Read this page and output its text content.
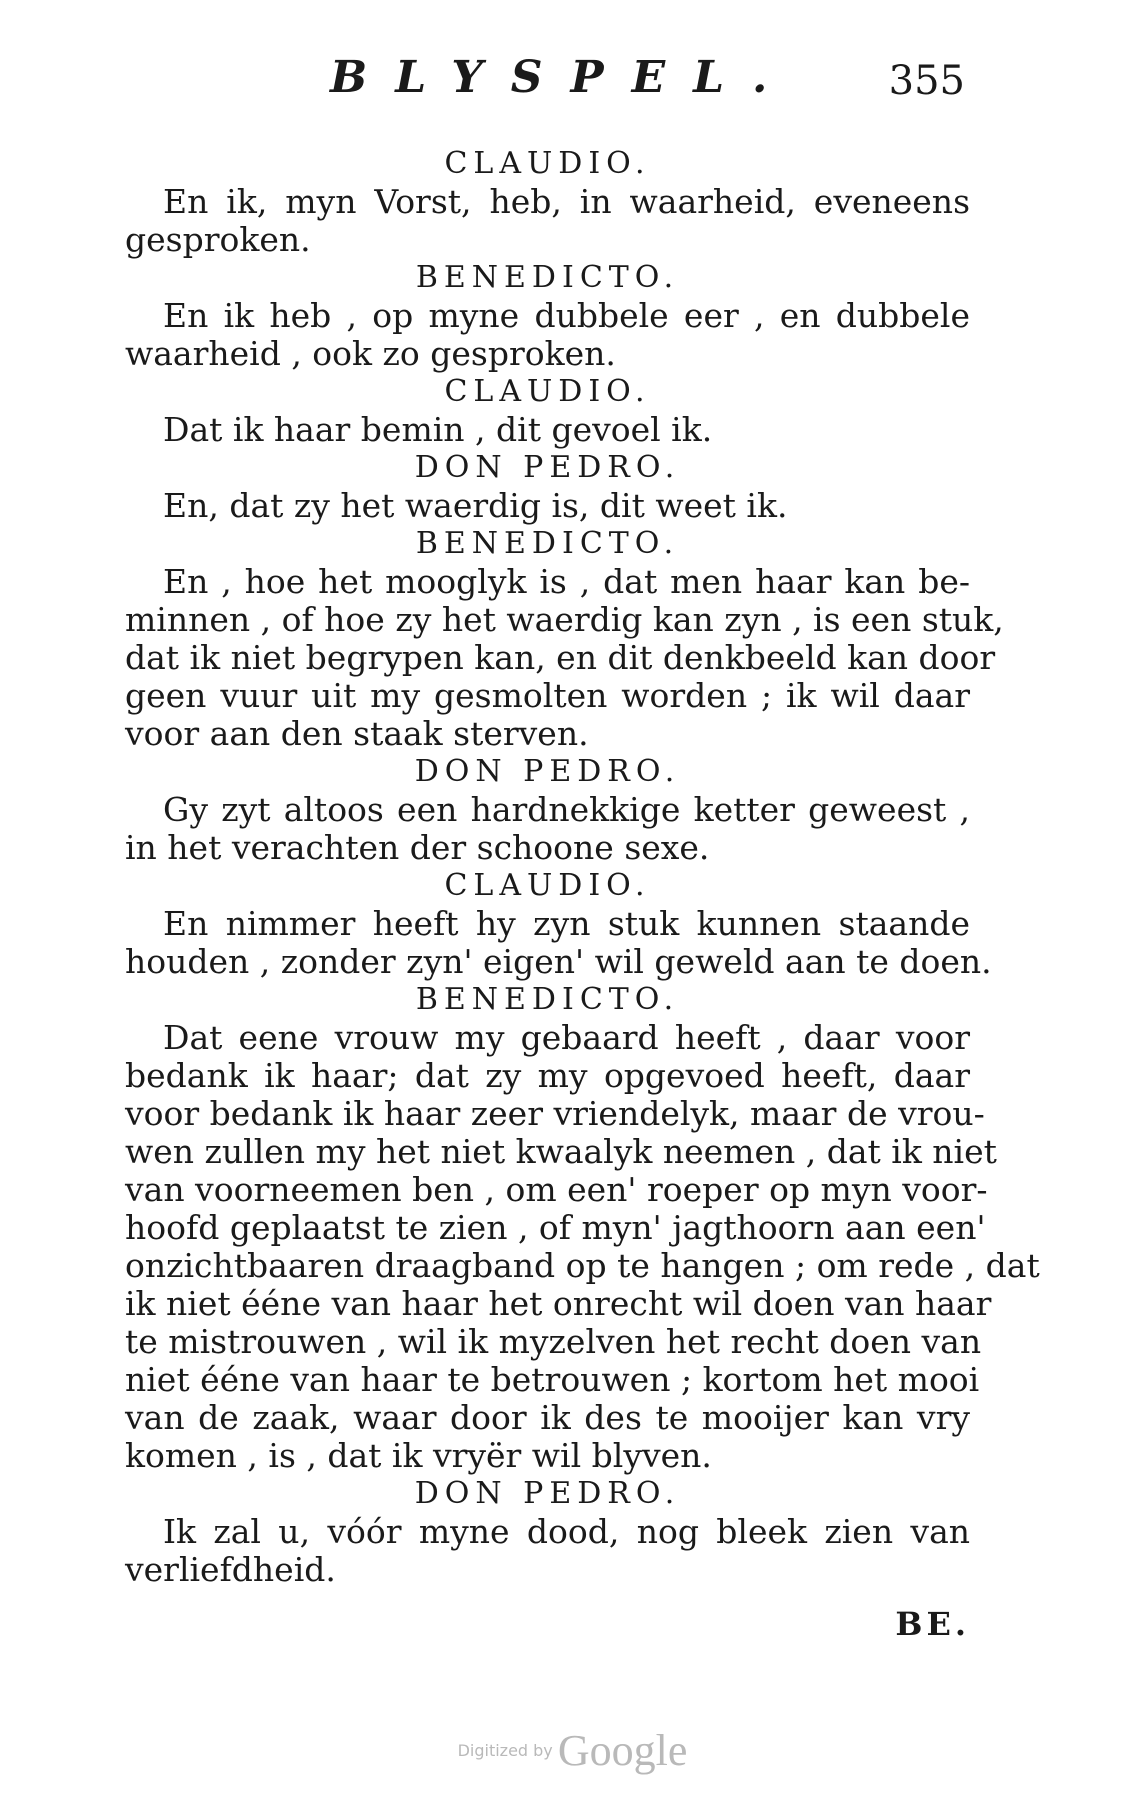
BLYSPEL. 355
CLAUDIO.
En ik, myn Vorst, heb, in waarheid, eveneens
gesproken.
BENEDICTO.
En ik heb , op myne dubbele eer , en dubbele
waarheid , ook zo gesproken.
CLAUDIO.
Dat ik haar bemin , dit gevoel ik.
DON PEDRO.
En, dat zy het waerdig is, dit weet ik.
BENEDICTO.
En , hoe het mooglyk is , dat men haar kan be-
minnen , of hoe zy het waerdig kan zyn , is een stuk,
dat ik niet begrypen kan, en dit denkbeeld kan door
geen vuur uit my gesmolten worden ; ik wil daar
voor aan den staak sterven.
DON PEDRO.
Gy zyt altoos een hardnekkige ketter geweest ,
in het verachten der schoone sexe.
CLAUDIO.
En nimmer heeft hy zyn stuk kunnen staande
houden , zonder zyn' eigen' wil geweld aan te doen.
BENEDICTO.
Dat eene vrouw my gebaard heeft , daar voor
bedank ik haar; dat zy my opgevoed heeft, daar
voor bedank ik haar zeer vriendelyk, maar de vrou-
wen zullen my het niet kwaalyk neemen , dat ik niet
van voorneemen ben , om een' roeper op myn voor-
hoofd geplaatst te zien , of myn' jagthoorn aan een'
onzichtbaaren draagband op te hangen ; om rede , dat
ik niet ééne van haar het onrecht wil doen van haar
te mistrouwen , wil ik myzelven het recht doen van
niet ééne van haar te betrouwen ; kortom het mooi
van de zaak, waar door ik des te mooijer kan vry
komen , is , dat ik vryër wil blyven.
DON PEDRO.
Ik zal u, vóór myne dood, nog bleek zien van
verliefdheid.
BE.
Digitized by Google
